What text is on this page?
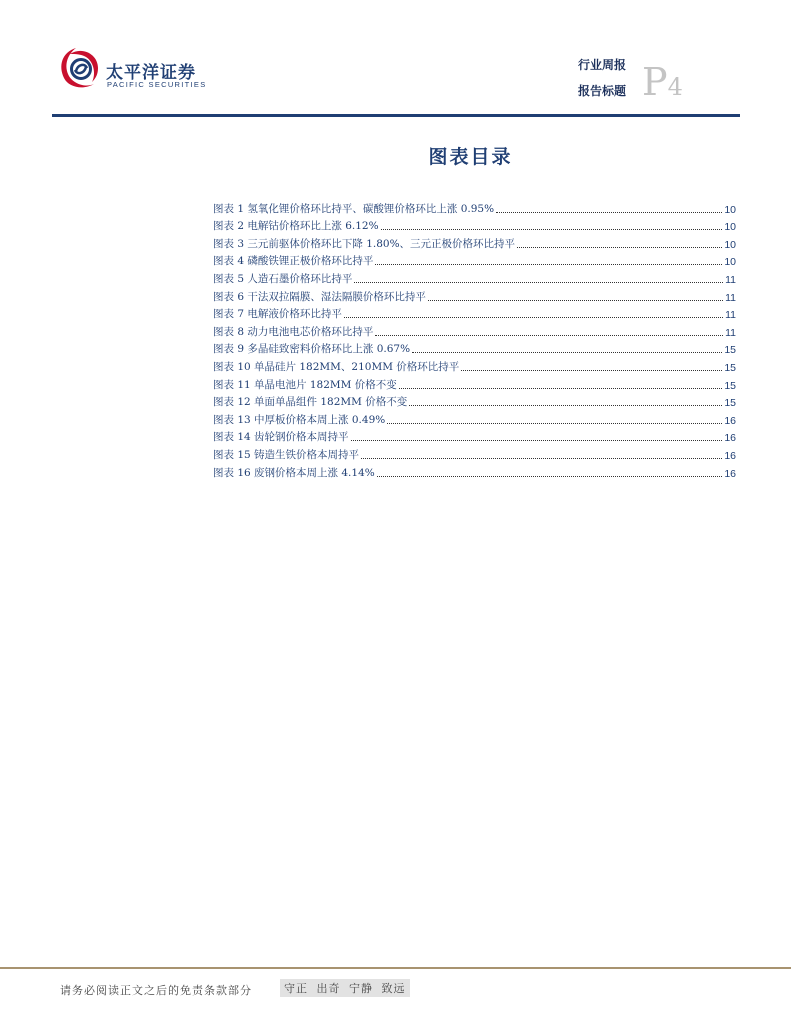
太平洋证券
PACIFIC SECURITIES
行业周报
报告标题 P4
图表目录
图表 1 氢氧化锂价格环比持平、碳酸锂价格环比上涨 0.95%	10
图表 2 电解钴价格环比上涨 6.12%	10
图表 3 三元前驱体价格环比下降 1.80%、三元正极价格环比持平	10
图表 4 磷酸铁锂正极价格环比持平	10
图表 5 人造石墨价格环比持平	11
图表 6 干法双拉隔膜、湿法隔膜价格环比持平	11
图表 7 电解液价格环比持平	11
图表 8 动力电池电芯价格环比持平	11
图表 9 多晶硅致密料价格环比上涨 0.67%	15
图表 10 单晶硅片 182MM、210MM 价格环比持平	15
图表 11 单晶电池片 182MM 价格不变	15
图表 12 单面单晶组件 182MM 价格不变	15
图表 13 中厚板价格本周上涨 0.49%	16
图表 14 齿轮钢价格本周持平	16
图表 15 铸造生铁价格本周持平	16
图表 16 废钢价格本周上涨 4.14%	16
请务必阅读正文之后的免责条款部分	守正 出奇 宁静 致远
